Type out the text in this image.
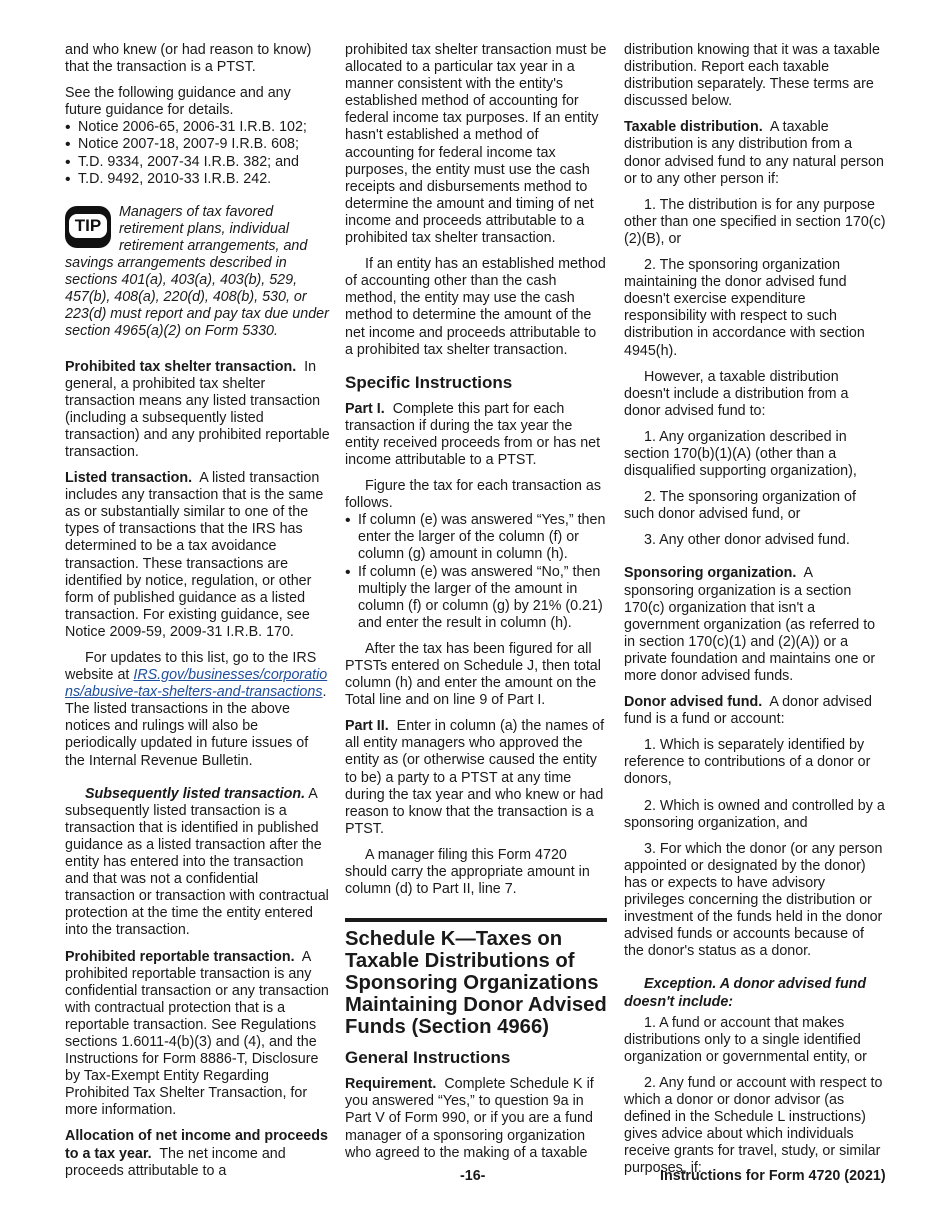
and who knew (or had reason to know) that the transaction is a PTST.

See the following guidance and any future guidance for details.

• Notice 2006-65, 2006-31 I.R.B. 102;
• Notice 2007-18, 2007-9 I.R.B. 608;
• T.D. 9334, 2007-34 I.R.B. 382; and
• T.D. 9492, 2010-33 I.R.B. 242.
TIP
Managers of tax favored retirement plans, individual retirement arrangements, and savings arrangements described in sections 401(a), 403(a), 403(b), 529, 457(b), 408(a), 220(d), 408(b), 530, or 223(d) must report and pay tax due under section 4965(a)(2) on Form 5330.

Prohibited tax shelter transaction. In general, a prohibited tax shelter transaction means any listed transaction (including a subsequently listed transaction) and any prohibited reportable transaction.

Listed transaction. A listed transaction includes any transaction that is the same as or substantially similar to one of the types of transactions that the IRS has determined to be a tax avoidance transaction. These transactions are identified by notice, regulation, or other form of published guidance as a listed transaction. For existing guidance, see Notice 2009-59, 2009-31 I.R.B. 170.

For updates to this list, go to the IRS website at IRS.gov/businesses/corporations/abusive-tax-shelters-and-transactions. The listed transactions in the above notices and rulings will also be periodically updated in future issues of the Internal Revenue Bulletin.

Subsequently listed transaction. A subsequently listed transaction is a transaction that is identified in published guidance as a listed transaction after the entity has entered into the transaction and that was not a confidential transaction or transaction with contractual protection at the time the entity entered into the transaction.

Prohibited reportable transaction. A prohibited reportable transaction is any confidential transaction or any transaction with contractual protection that is a reportable transaction. See Regulations sections 1.6011-4(b)(3) and (4), and the Instructions for Form 8886-T, Disclosure by Tax-Exempt Entity Regarding Prohibited Tax Shelter Transaction, for more information.

Allocation of net income and proceeds to a tax year. The net income and proceeds attributable to a

prohibited tax shelter transaction must be allocated to a particular tax year in a manner consistent with the entity's established method of accounting for federal income tax purposes. If an entity hasn't established a method of accounting for federal income tax purposes, the entity must use the cash receipts and disbursements method to determine the amount and timing of net income and proceeds attributable to a prohibited tax shelter transaction.

If an entity has an established method of accounting other than the cash method, the entity may use the cash method to determine the amount of the net income and proceeds attributable to a prohibited tax shelter transaction.

Specific Instructions

Part I. Complete this part for each transaction if during the tax year the entity received proceeds from or has net income attributable to a PTST.

Figure the tax for each transaction as follows.

• If column (e) was answered “Yes,” then enter the larger of the column (f) or column (g) amount in column (h).
• If column (e) was answered “No,” then multiply the larger of the amount in column (f) or column (g) by 21% (0.21) and enter the result in column (h).

After the tax has been figured for all PTSTs entered on Schedule J, then total column (h) and enter the amount on the Total line and on line 9 of Part I.

Part II. Enter in column (a) the names of all entity managers who approved the entity as (or otherwise caused the entity to be) a party to a PTST at any time during the tax year and who knew or had reason to know that the transaction is a PTST.

A manager filing this Form 4720 should carry the appropriate amount in column (d) to Part II, line 7.

Schedule K—Taxes on Taxable Distributions of Sponsoring Organizations Maintaining Donor Advised Funds (Section 4966)
General Instructions

Requirement. Complete Schedule K if you answered “Yes,” to question 9a in Part V of Form 990, or if you are a fund manager of a sponsoring organization who agreed to the making of a taxable

distribution knowing that it was a taxable distribution. Report each taxable distribution separately. These terms are discussed below.

Taxable distribution. A taxable distribution is any distribution from a donor advised fund to any natural person or to any other person if:

1. The distribution is for any purpose other than one specified in section 170(c)(2)(B), or

2. The sponsoring organization maintaining the donor advised fund doesn't exercise expenditure responsibility with respect to such distribution in accordance with section 4945(h).

However, a taxable distribution doesn't include a distribution from a donor advised fund to:

1. Any organization described in section 170(b)(1)(A) (other than a disqualified supporting organization),

2. The sponsoring organization of such donor advised fund, or

3. Any other donor advised fund.

Sponsoring organization. A sponsoring organization is a section 170(c) organization that isn't a government organization (as referred to in section 170(c)(1) and (2)(A)) or a private foundation and maintains one or more donor advised funds.

Donor advised fund. A donor advised fund is a fund or account:

1. Which is separately identified by reference to contributions of a donor or donors,

2. Which is owned and controlled by a sponsoring organization, and

3. For which the donor (or any person appointed or designated by the donor) has or expects to have advisory privileges concerning the distribution or investment of the funds held in the donor advised funds or accounts because of the donor's status as a donor.

Exception. A donor advised fund doesn't include:

1. A fund or account that makes distributions only to a single identified organization or governmental entity, or

2. Any fund or account with respect to which a donor or donor advisor (as defined in the Schedule L instructions) gives advice about which individuals receive grants for travel, study, or similar purposes, if:

-16-	Instructions for Form 4720 (2021)
